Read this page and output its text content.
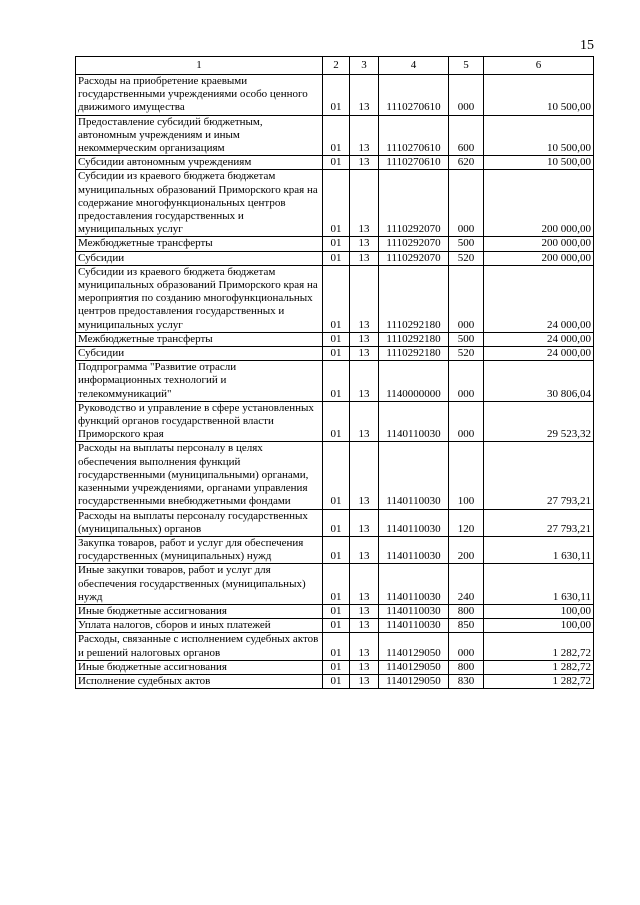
15
1	2	3	4	5	6
Расходы на приобретение краевыми государственными учреждениями особо ценного движимого имущества	01	13	1110270610	000	10 500,00
Предоставление субсидий бюджетным, автономным учреждениям и иным некоммерческим организациям	01	13	1110270610	600	10 500,00
Субсидии автономным учреждениям	01	13	1110270610	620	10 500,00
Субсидии из краевого бюджета бюджетам муниципальных образований Приморского края на содержание многофункциональных центров предоставления государственных и муниципальных услуг	01	13	1110292070	000	200 000,00
Межбюджетные трансферты	01	13	1110292070	500	200 000,00
Субсидии	01	13	1110292070	520	200 000,00
Субсидии из краевого бюджета бюджетам муниципальных образований Приморского края на мероприятия по созданию многофункциональных центров предоставления государственных и муниципальных услуг	01	13	1110292180	000	24 000,00
Межбюджетные трансферты	01	13	1110292180	500	24 000,00
Субсидии	01	13	1110292180	520	24 000,00
Подпрограмма "Развитие отрасли информационных технологий и телекоммуникаций"	01	13	1140000000	000	30 806,04
Руководство и управление в сфере установленных функций органов государственной власти Приморского края	01	13	1140110030	000	29 523,32
Расходы на выплаты персоналу в целях обеспечения выполнения функций государственными (муниципальными) органами, казенными учреждениями, органами управления государственными внебюджетными фондами	01	13	1140110030	100	27 793,21
Расходы на выплаты персоналу государственных (муниципальных) органов	01	13	1140110030	120	27 793,21
Закупка товаров, работ и услуг для обеспечения государственных (муниципальных) нужд	01	13	1140110030	200	1 630,11
Иные закупки товаров, работ и услуг для обеспечения государственных (муниципальных) нужд	01	13	1140110030	240	1 630,11
Иные бюджетные ассигнования	01	13	1140110030	800	100,00
Уплата налогов, сборов и иных платежей	01	13	1140110030	850	100,00
Расходы, связанные с исполнением судебных актов и решений налоговых органов	01	13	1140129050	000	1 282,72
Иные бюджетные ассигнования	01	13	1140129050	800	1 282,72
Исполнение судебных актов	01	13	1140129050	830	1 282,72
